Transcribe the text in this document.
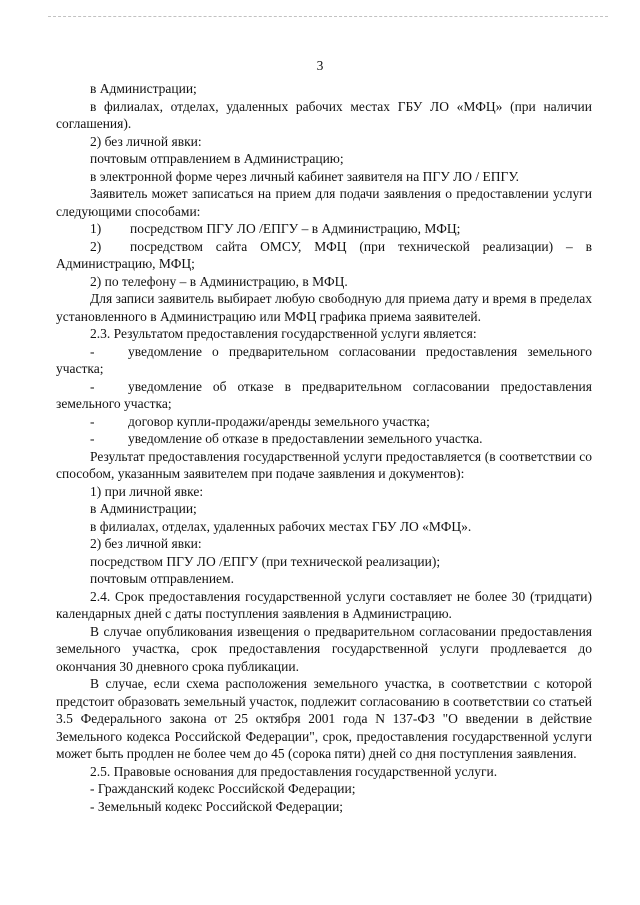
3

в Администрации;

в филиалах, отделах, удаленных рабочих местах ГБУ ЛО «МФЦ» (при наличии соглашения).

2) без личной явки:

почтовым отправлением в Администрацию;

в электронной форме через личный кабинет заявителя на ПГУ ЛО / ЕПГУ.

Заявитель может записаться на прием для подачи заявления о предоставлении услуги следующими способами:

1) посредством ПГУ ЛО /ЕПГУ – в Администрацию, МФЦ;

2) посредством сайта ОМСУ, МФЦ (при технической реализации) – в Администрацию, МФЦ;

2) по телефону – в Администрацию, в МФЦ.

Для записи заявитель выбирает любую свободную для приема дату и время в пределах установленного в Администрацию или МФЦ графика приема заявителей.

2.3. Результатом предоставления государственной услуги является:

- уведомление о предварительном согласовании предоставления земельного участка;

- уведомление об отказе в предварительном согласовании предоставления земельного участка;

- договор купли-продажи/аренды земельного участка;

- уведомление об отказе в предоставлении земельного участка.

Результат предоставления государственной услуги предоставляется (в соответствии со способом, указанным заявителем при подаче заявления и документов):

1) при личной явке:

в Администрации;

в филиалах, отделах, удаленных рабочих местах ГБУ ЛО «МФЦ».

2) без личной явки:

посредством ПГУ ЛО /ЕПГУ (при технической реализации);

почтовым отправлением.

2.4. Срок предоставления государственной услуги составляет не более 30 (тридцати) календарных дней с даты поступления заявления в Администрацию.

В случае опубликования извещения о предварительном согласовании предоставления земельного участка, срок предоставления государственной услуги продлевается до окончания 30 дневного срока публикации.

В случае, если схема расположения земельного участка, в соответствии с которой предстоит образовать земельный участок, подлежит согласованию в соответствии со статьей 3.5 Федерального закона от 25 октября 2001 года N 137-ФЗ "О введении в действие Земельного кодекса Российской Федерации", срок, предоставления государственной услуги может быть продлен не более чем до 45 (сорока пяти) дней со дня поступления заявления.

2.5. Правовые основания для предоставления государственной услуги.

- Гражданский кодекс Российской Федерации;

- Земельный кодекс Российской Федерации;
